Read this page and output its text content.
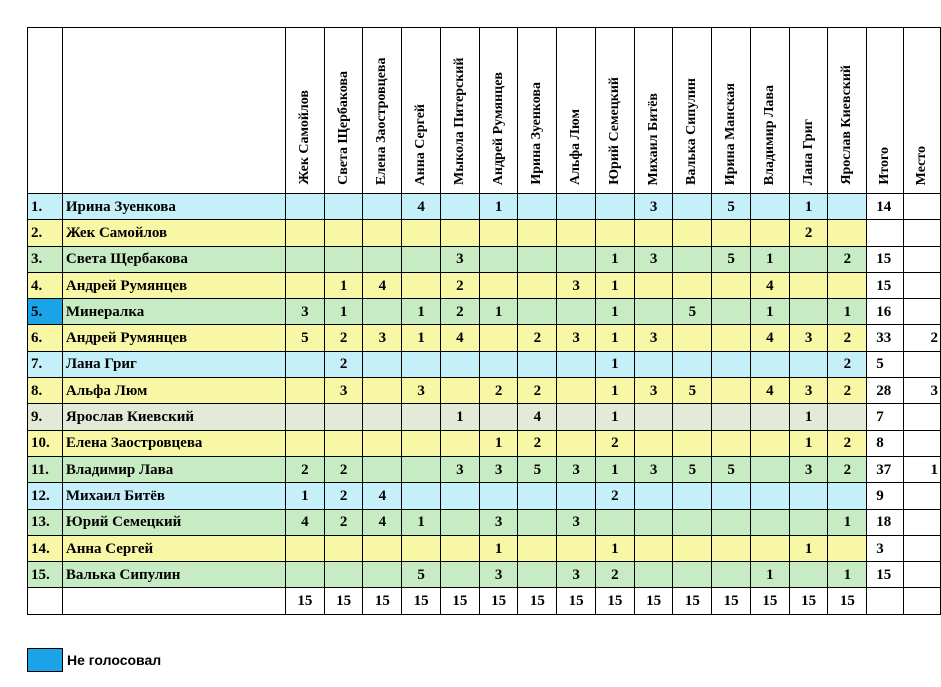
		Жек Самойлов	Света Щербакова	Елена Заостровцева	Анна Сергей	Мыкола Питерский	Андрей Румянцев	Ирина Зуенкова	Альфа Люм	Юрий Семецкий	Михаил Битёв	Валька Сипулин	Ирина Манская	Владимир Лава	Лана Григ	Ярослав Киевский	Итого	Место
1.	Ирина Зуенкова				4		1				3		5		1		14	
2.	Жек Самойлов														2			
3.	Света Щербакова					3				1	3		5	1		2	15	
4.	Андрей Румянцев		1	4		2			3	1				4			15	
5.	Минералка	3	1		1	2	1			1		5		1		1	16	
6.	Андрей Румянцев	5	2	3	1	4		2	3	1	3			4	3	2	33	2
7.	Лана Григ		2							1						2	5	
8.	Альфа Люм		3		3		2	2		1	3	5		4	3	2	28	3
9.	Ярослав Киевский					1		4		1					1		7	
10.	Елена Заостровцева						1	2		2					1	2	8	
11.	Владимир Лава	2	2			3	3	5	3	1	3	5	5		3	2	37	1
12.	Михаил Битёв	1	2	4						2							9	
13.	Юрий Семецкий	4	2	4	1		3		3							1	18	
14.	Анна Сергей						1			1					1		3	
15.	Валька Сипулин				5		3		3	2				1		1	15	
		15	15	15	15	15	15	15	15	15	15	15	15	15	15	15		
Не голосовал
